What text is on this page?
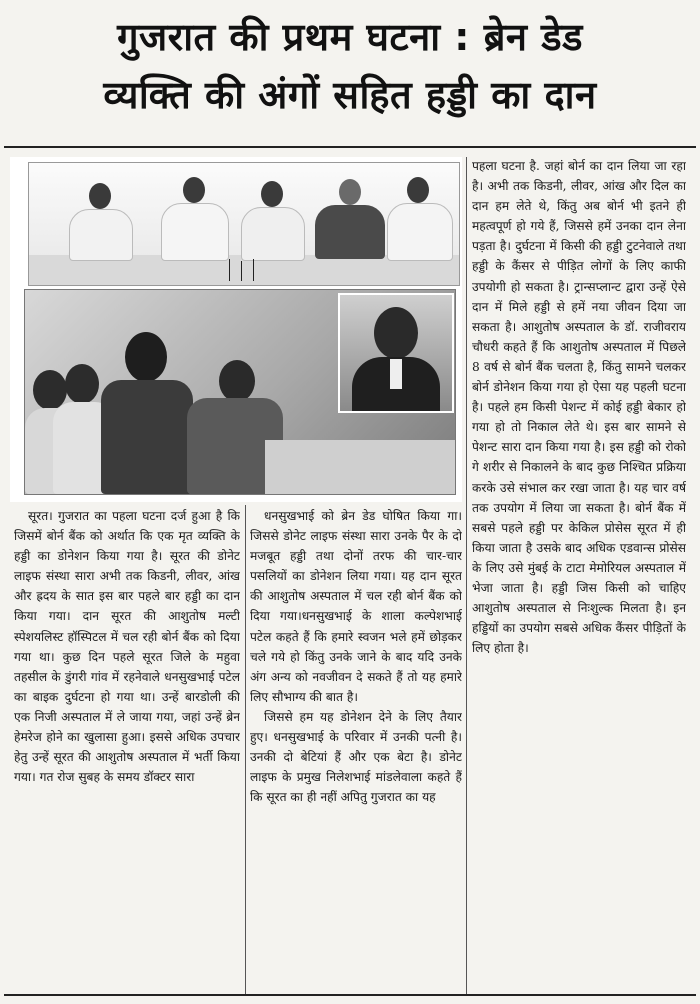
गुजरात की प्रथम घटना : ब्रेन डेड
व्यक्ति की अंगों सहित हड्डी का दान

सूरत। गुजरात का पहला घटना दर्ज हुआ है कि जिसमें बोर्न बैंक को अर्थात कि एक मृत व्यक्ति के हड्डी का डोनेशन किया गया है। सूरत की डोनेट लाइफ संस्था सारा अभी तक किडनी, लीवर, आंख और ह्रदय के सात इस बार पहले बार हड्डी का दान किया गया। दान सूरत की आशुतोष मल्टी स्पेशयलिस्ट हॉस्पिटल में चल रही बोर्न बैंक को दिया गया था। कुछ दिन पहले सूरत जिले के महुवा तहसील के डुंगरी गांव में रहनेवाले धनसुखभाई पटेल का बाइक दुर्घटना हो गया था। उन्हें बारडोली की एक निजी अस्पताल में ले जाया गया, जहां उन्हें ब्रेन हेमरेज होने का खुलासा हुआ। इससे अधिक उपचार हेतु उन्हें सूरत की आशुतोष अस्पताल में भर्ती किया गया। गत रोज सुबह के समय डॉक्टर सारा

धनसुखभाई को ब्रेन डेड घोषित किया गा। जिससे डोनेट लाइफ संस्था सारा उनके पैर के दो मजबूत हड्डी तथा दोनों तरफ की चार-चार पसलियों का डोनेशन लिया गया। यह दान सूरत की आशुतोष अस्पताल में चल रही बोर्न बैंक को दिया गया।धनसुखभाई के शाला कल्पेशभाई पटेल कहते हैं कि हमारे स्वजन भले हमें छोड़कर चले गये हो किंतु उनके जाने के बाद यदि उनके अंग अन्य को नवजीवन दे सकते हैं तो यह हमारे लिए सौभाग्य की बात है।

जिससे हम यह डोनेशन देने के लिए तैयार हुए। धनसुखभाई के परिवार में उनकी पत्नी है। उनकी दो बेटियां हैं और एक बेटा है। डोनेट लाइफ के प्रमुख निलेशभाई मांडलेवाला कहते हैं कि सूरत का ही नहीं अपितु गुजरात का यह

पहला घटना है. जहां बोर्न का दान लिया जा रहा है। अभी तक किडनी, लीवर, आंख और दिल का दान हम लेते थे, किंतु अब बोर्न भी इतने ही महत्वपूर्ण हो गये हैं, जिससे हमें उनका दान लेना पड़ता है। दुर्घटना में किसी की हड्डी टुटनेवाले तथा हड्डी के कैंसर से पीड़ित लोगों के लिए काफी उपयोगी हो सकता है। ट्रान्सप्लान्ट द्वारा उन्हें ऐसे दान में मिले हड्डी से हमें नया जीवन दिया जा सकता है। आशुतोष अस्पताल के डॉ. राजीवराय चौधरी कहते हैं कि आशुतोष अस्पताल में पिछले 8 वर्ष से बोर्न बैंक चलता है, किंतु सामने चलकर बोर्न डोनेशन किया गया हो ऐसा यह पहली घटना है। पहले हम किसी पेशन्ट में कोई हड्डी बेकार हो गया हो तो निकाल लेते थे। इस बार सामने से पेशन्ट सारा दान किया गया है। इस हड्डी को रोको गे शरीर से निकालने के बाद कुछ निश्चित प्रक्रिया करके उसे संभाल कर रखा जाता है। यह चार वर्ष तक उपयोग में लिया जा सकता है। बोर्न बैंक में सबसे पहले हड्डी पर केकिल प्रोसेस सूरत में ही किया जाता है उसके बाद अधिक एडवान्स प्रोसेस के लिए उसे मुंबई के टाटा मेमोरियल अस्पताल में भेजा जाता है। हड्डी जिस किसी को चाहिए आशुतोष अस्पताल से निःशुल्क मिलता है। इन हड्डियों का उपयोग सबसे अधिक कैंसर पीड़ितों के लिए होता है।
